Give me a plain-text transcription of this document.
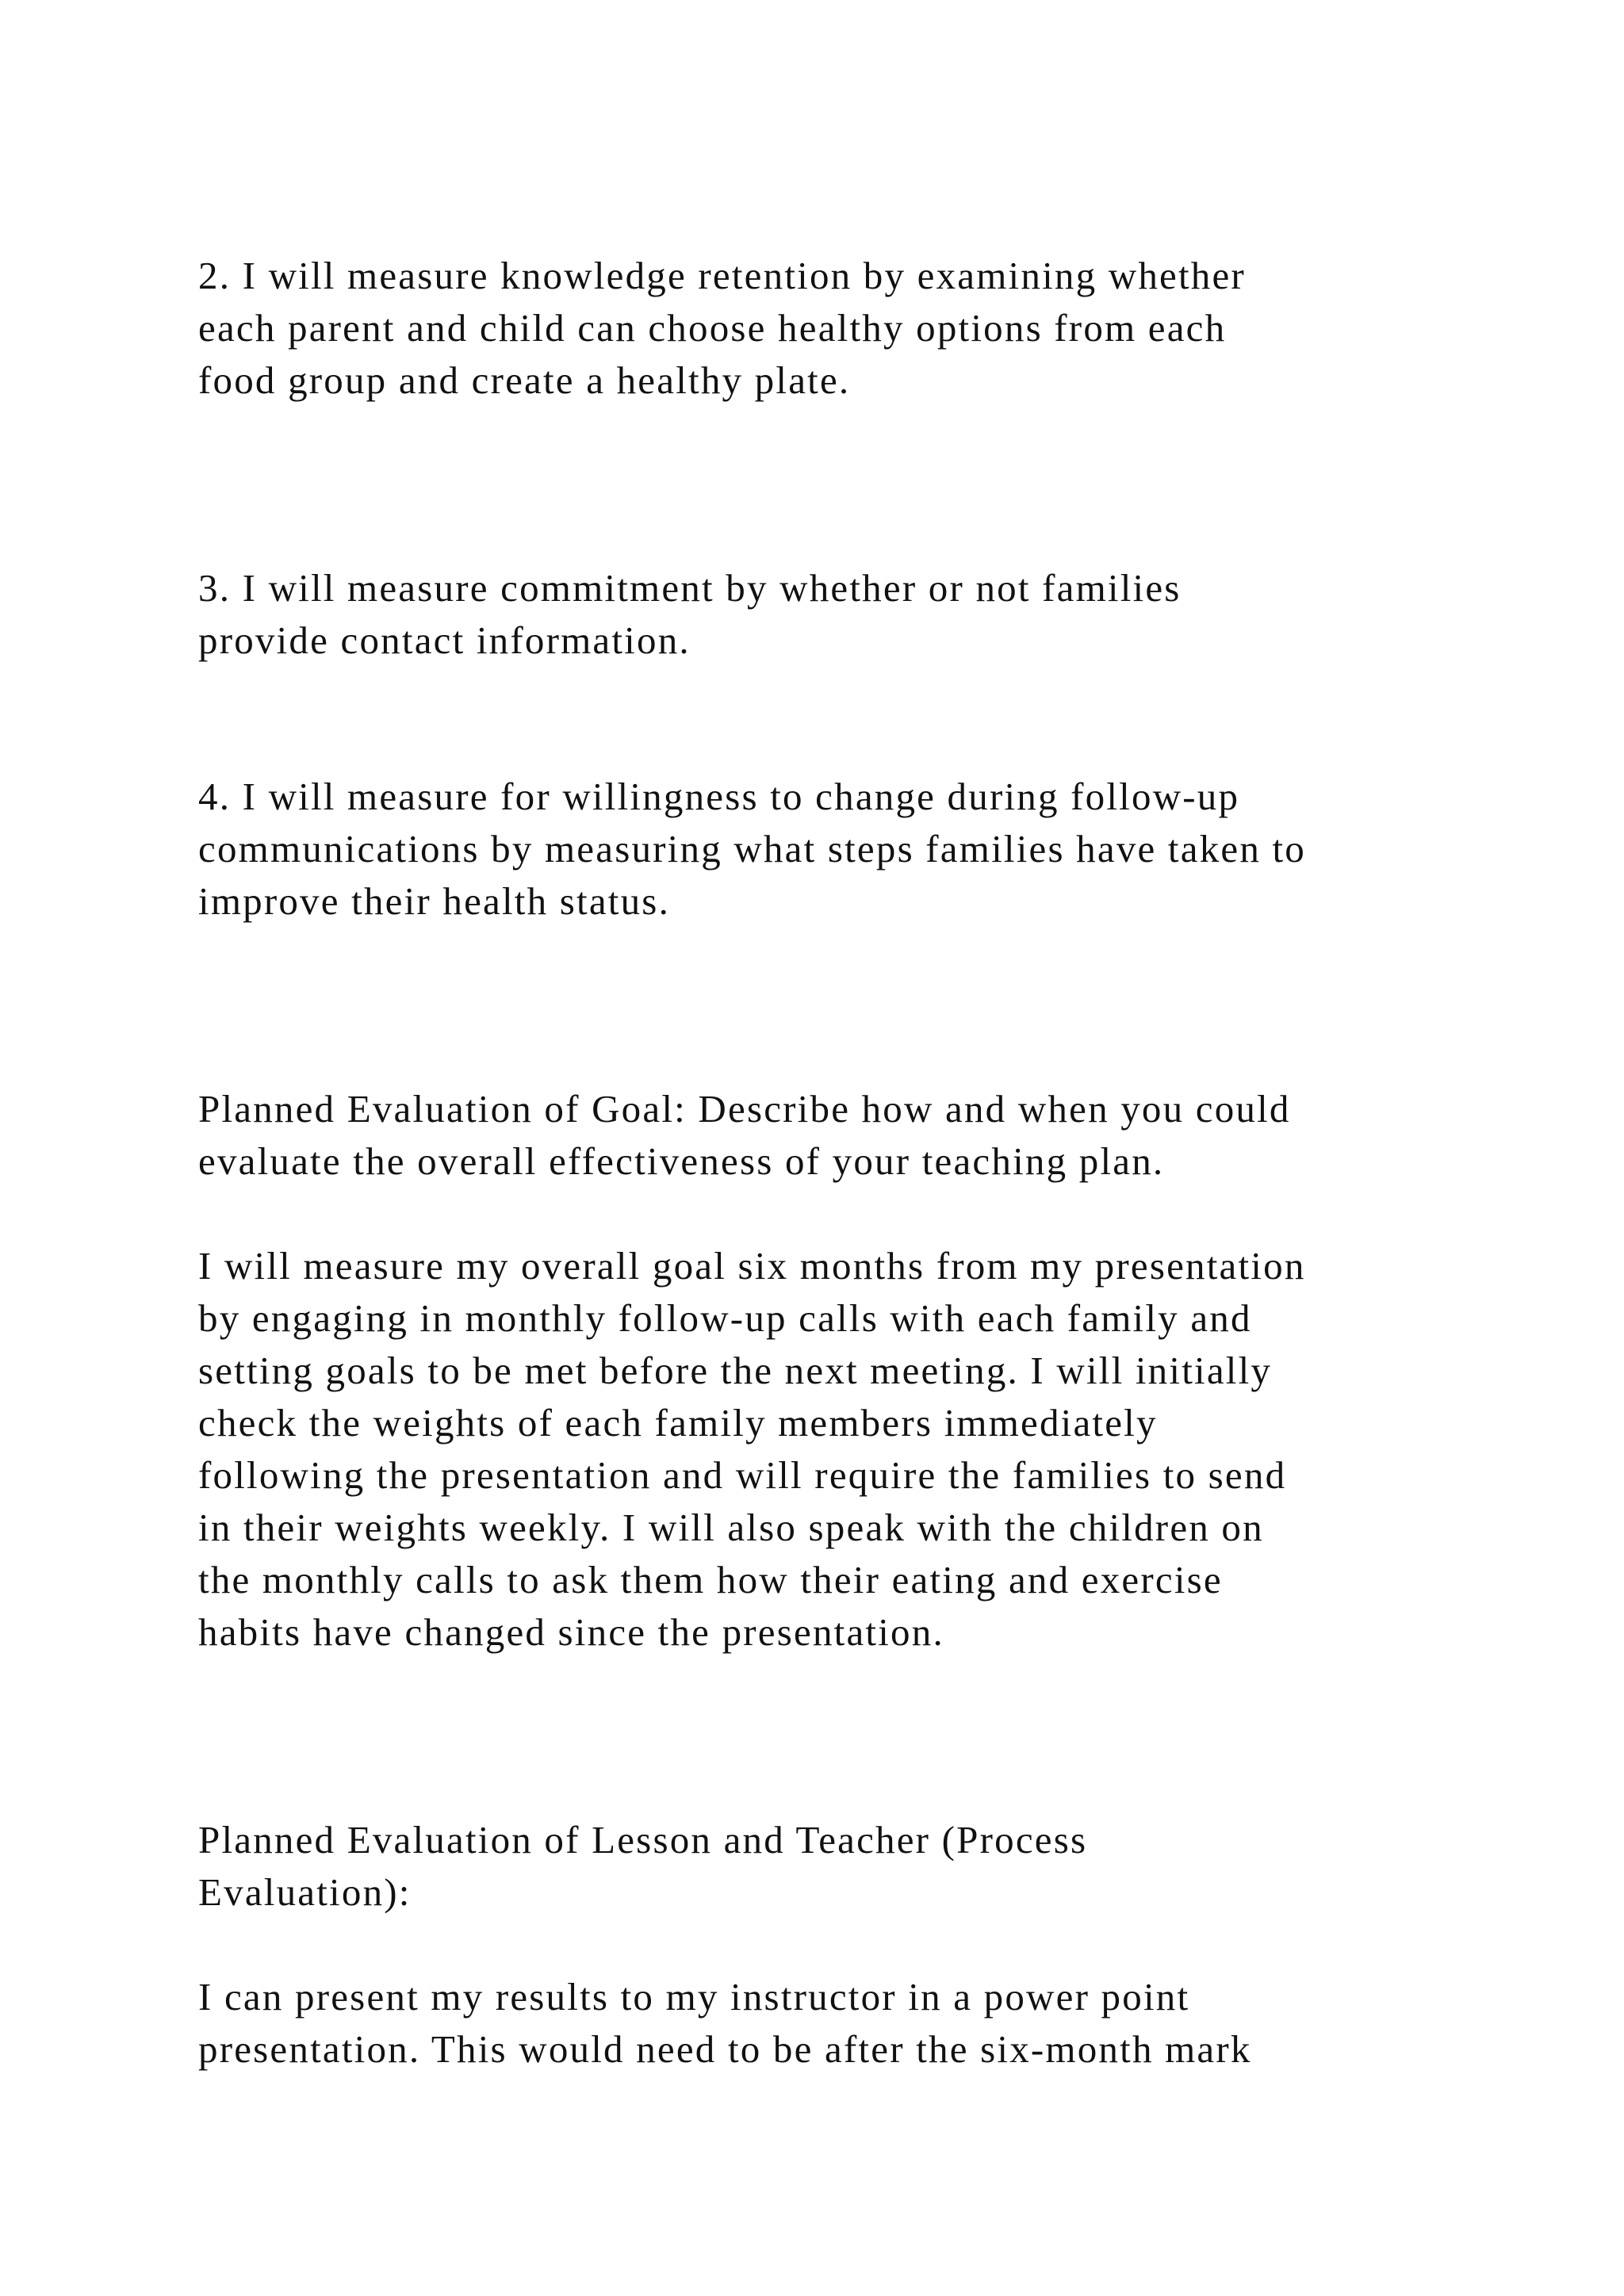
2. I will measure knowledge retention by examining whether

each parent and child can choose healthy options from each

food group and create a healthy plate.

3. I will measure commitment by whether or not families

provide contact information.

4. I will measure for willingness to change during follow-up

communications by measuring what steps families have taken to

improve their health status.

Planned Evaluation of Goal: Describe how and when you could

evaluate the overall effectiveness of your teaching plan.

I will measure my overall goal six months from my presentation

by engaging in monthly follow-up calls with each family and

setting goals to be met before the next meeting. I will initially

check the weights of each family members immediately

following the presentation and will require the families to send

in their weights weekly. I will also speak with the children on

the monthly calls to ask them how their eating and exercise

habits have changed since the presentation.

Planned Evaluation of Lesson and Teacher (Process

Evaluation):

I can present my results to my instructor in a power point

presentation. This would need to be after the six-month mark
